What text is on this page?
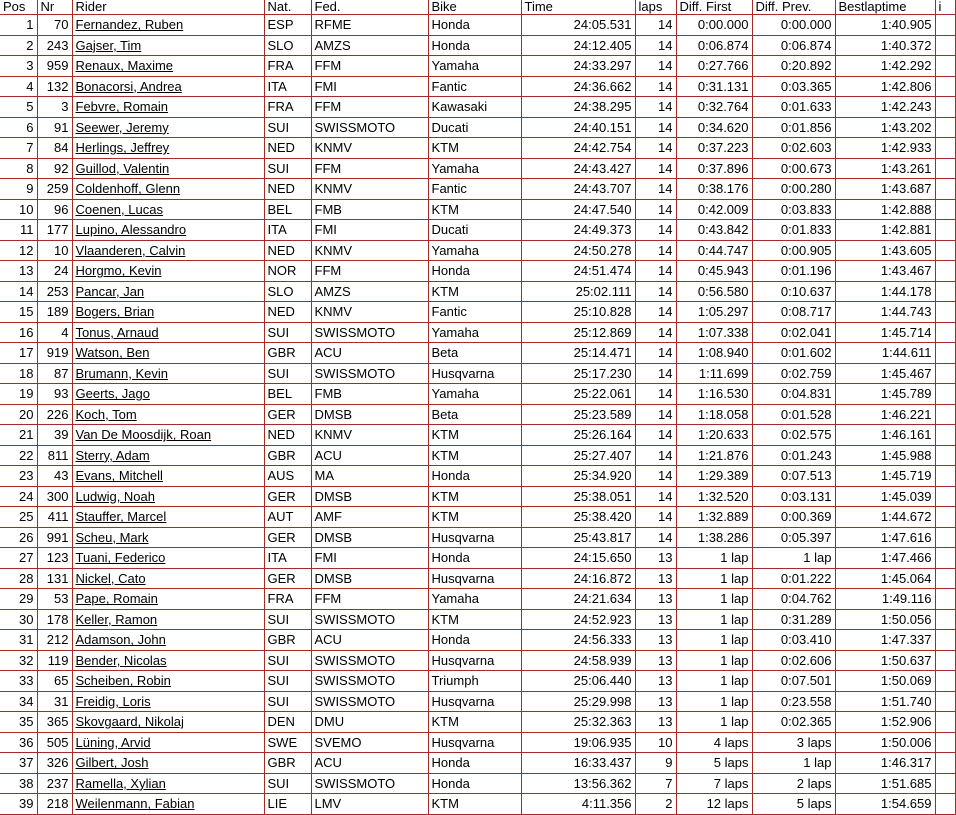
Pos	Nr	Rider	Nat.	Fed.	Bike	Time	laps	Diff. First	Diff. Prev.	Bestlaptime	i
1	70	Fernandez, Ruben	ESP	RFME	Honda	24:05.531	14	0:00.000	0:00.000	1:40.905	
2	243	Gajser, Tim	SLO	AMZS	Honda	24:12.405	14	0:06.874	0:06.874	1:40.372	
3	959	Renaux, Maxime	FRA	FFM	Yamaha	24:33.297	14	0:27.766	0:20.892	1:42.292	
4	132	Bonacorsi, Andrea	ITA	FMI	Fantic	24:36.662	14	0:31.131	0:03.365	1:42.806	
5	3	Febvre, Romain	FRA	FFM	Kawasaki	24:38.295	14	0:32.764	0:01.633	1:42.243	
6	91	Seewer, Jeremy	SUI	SWISSMOTO	Ducati	24:40.151	14	0:34.620	0:01.856	1:43.202	
7	84	Herlings, Jeffrey	NED	KNMV	KTM	24:42.754	14	0:37.223	0:02.603	1:42.933	
8	92	Guillod, Valentin	SUI	FFM	Yamaha	24:43.427	14	0:37.896	0:00.673	1:43.261	
9	259	Coldenhoff, Glenn	NED	KNMV	Fantic	24:43.707	14	0:38.176	0:00.280	1:43.687	
10	96	Coenen, Lucas	BEL	FMB	KTM	24:47.540	14	0:42.009	0:03.833	1:42.888	
11	177	Lupino, Alessandro	ITA	FMI	Ducati	24:49.373	14	0:43.842	0:01.833	1:42.881	
12	10	Vlaanderen, Calvin	NED	KNMV	Yamaha	24:50.278	14	0:44.747	0:00.905	1:43.605	
13	24	Horgmo, Kevin	NOR	FFM	Honda	24:51.474	14	0:45.943	0:01.196	1:43.467	
14	253	Pancar, Jan	SLO	AMZS	KTM	25:02.111	14	0:56.580	0:10.637	1:44.178	
15	189	Bogers, Brian	NED	KNMV	Fantic	25:10.828	14	1:05.297	0:08.717	1:44.743	
16	4	Tonus, Arnaud	SUI	SWISSMOTO	Yamaha	25:12.869	14	1:07.338	0:02.041	1:45.714	
17	919	Watson, Ben	GBR	ACU	Beta	25:14.471	14	1:08.940	0:01.602	1:44.611	
18	87	Brumann, Kevin	SUI	SWISSMOTO	Husqvarna	25:17.230	14	1:11.699	0:02.759	1:45.467	
19	93	Geerts, Jago	BEL	FMB	Yamaha	25:22.061	14	1:16.530	0:04.831	1:45.789	
20	226	Koch, Tom	GER	DMSB	Beta	25:23.589	14	1:18.058	0:01.528	1:46.221	
21	39	Van De Moosdijk, Roan	NED	KNMV	KTM	25:26.164	14	1:20.633	0:02.575	1:46.161	
22	811	Sterry, Adam	GBR	ACU	KTM	25:27.407	14	1:21.876	0:01.243	1:45.988	
23	43	Evans, Mitchell	AUS	MA	Honda	25:34.920	14	1:29.389	0:07.513	1:45.719	
24	300	Ludwig, Noah	GER	DMSB	KTM	25:38.051	14	1:32.520	0:03.131	1:45.039	
25	411	Stauffer, Marcel	AUT	AMF	KTM	25:38.420	14	1:32.889	0:00.369	1:44.672	
26	991	Scheu, Mark	GER	DMSB	Husqvarna	25:43.817	14	1:38.286	0:05.397	1:47.616	
27	123	Tuani, Federico	ITA	FMI	Honda	24:15.650	13	1 lap	1 lap	1:47.466	
28	131	Nickel, Cato	GER	DMSB	Husqvarna	24:16.872	13	1 lap	0:01.222	1:45.064	
29	53	Pape, Romain	FRA	FFM	Yamaha	24:21.634	13	1 lap	0:04.762	1:49.116	
30	178	Keller, Ramon	SUI	SWISSMOTO	KTM	24:52.923	13	1 lap	0:31.289	1:50.056	
31	212	Adamson, John	GBR	ACU	Honda	24:56.333	13	1 lap	0:03.410	1:47.337	
32	119	Bender, Nicolas	SUI	SWISSMOTO	Husqvarna	24:58.939	13	1 lap	0:02.606	1:50.637	
33	65	Scheiben, Robin	SUI	SWISSMOTO	Triumph	25:06.440	13	1 lap	0:07.501	1:50.069	
34	31	Freidig, Loris	SUI	SWISSMOTO	Husqvarna	25:29.998	13	1 lap	0:23.558	1:51.740	
35	365	Skovgaard, Nikolaj	DEN	DMU	KTM	25:32.363	13	1 lap	0:02.365	1:52.906	
36	505	Lüning, Arvid	SWE	SVEMO	Husqvarna	19:06.935	10	4 laps	3 laps	1:50.006	
37	326	Gilbert, Josh	GBR	ACU	Honda	16:33.437	9	5 laps	1 lap	1:46.317	
38	237	Ramella, Xylian	SUI	SWISSMOTO	Honda	13:56.362	7	7 laps	2 laps	1:51.685	
39	218	Weilenmann, Fabian	LIE	LMV	KTM	4:11.356	2	12 laps	5 laps	1:54.659	
